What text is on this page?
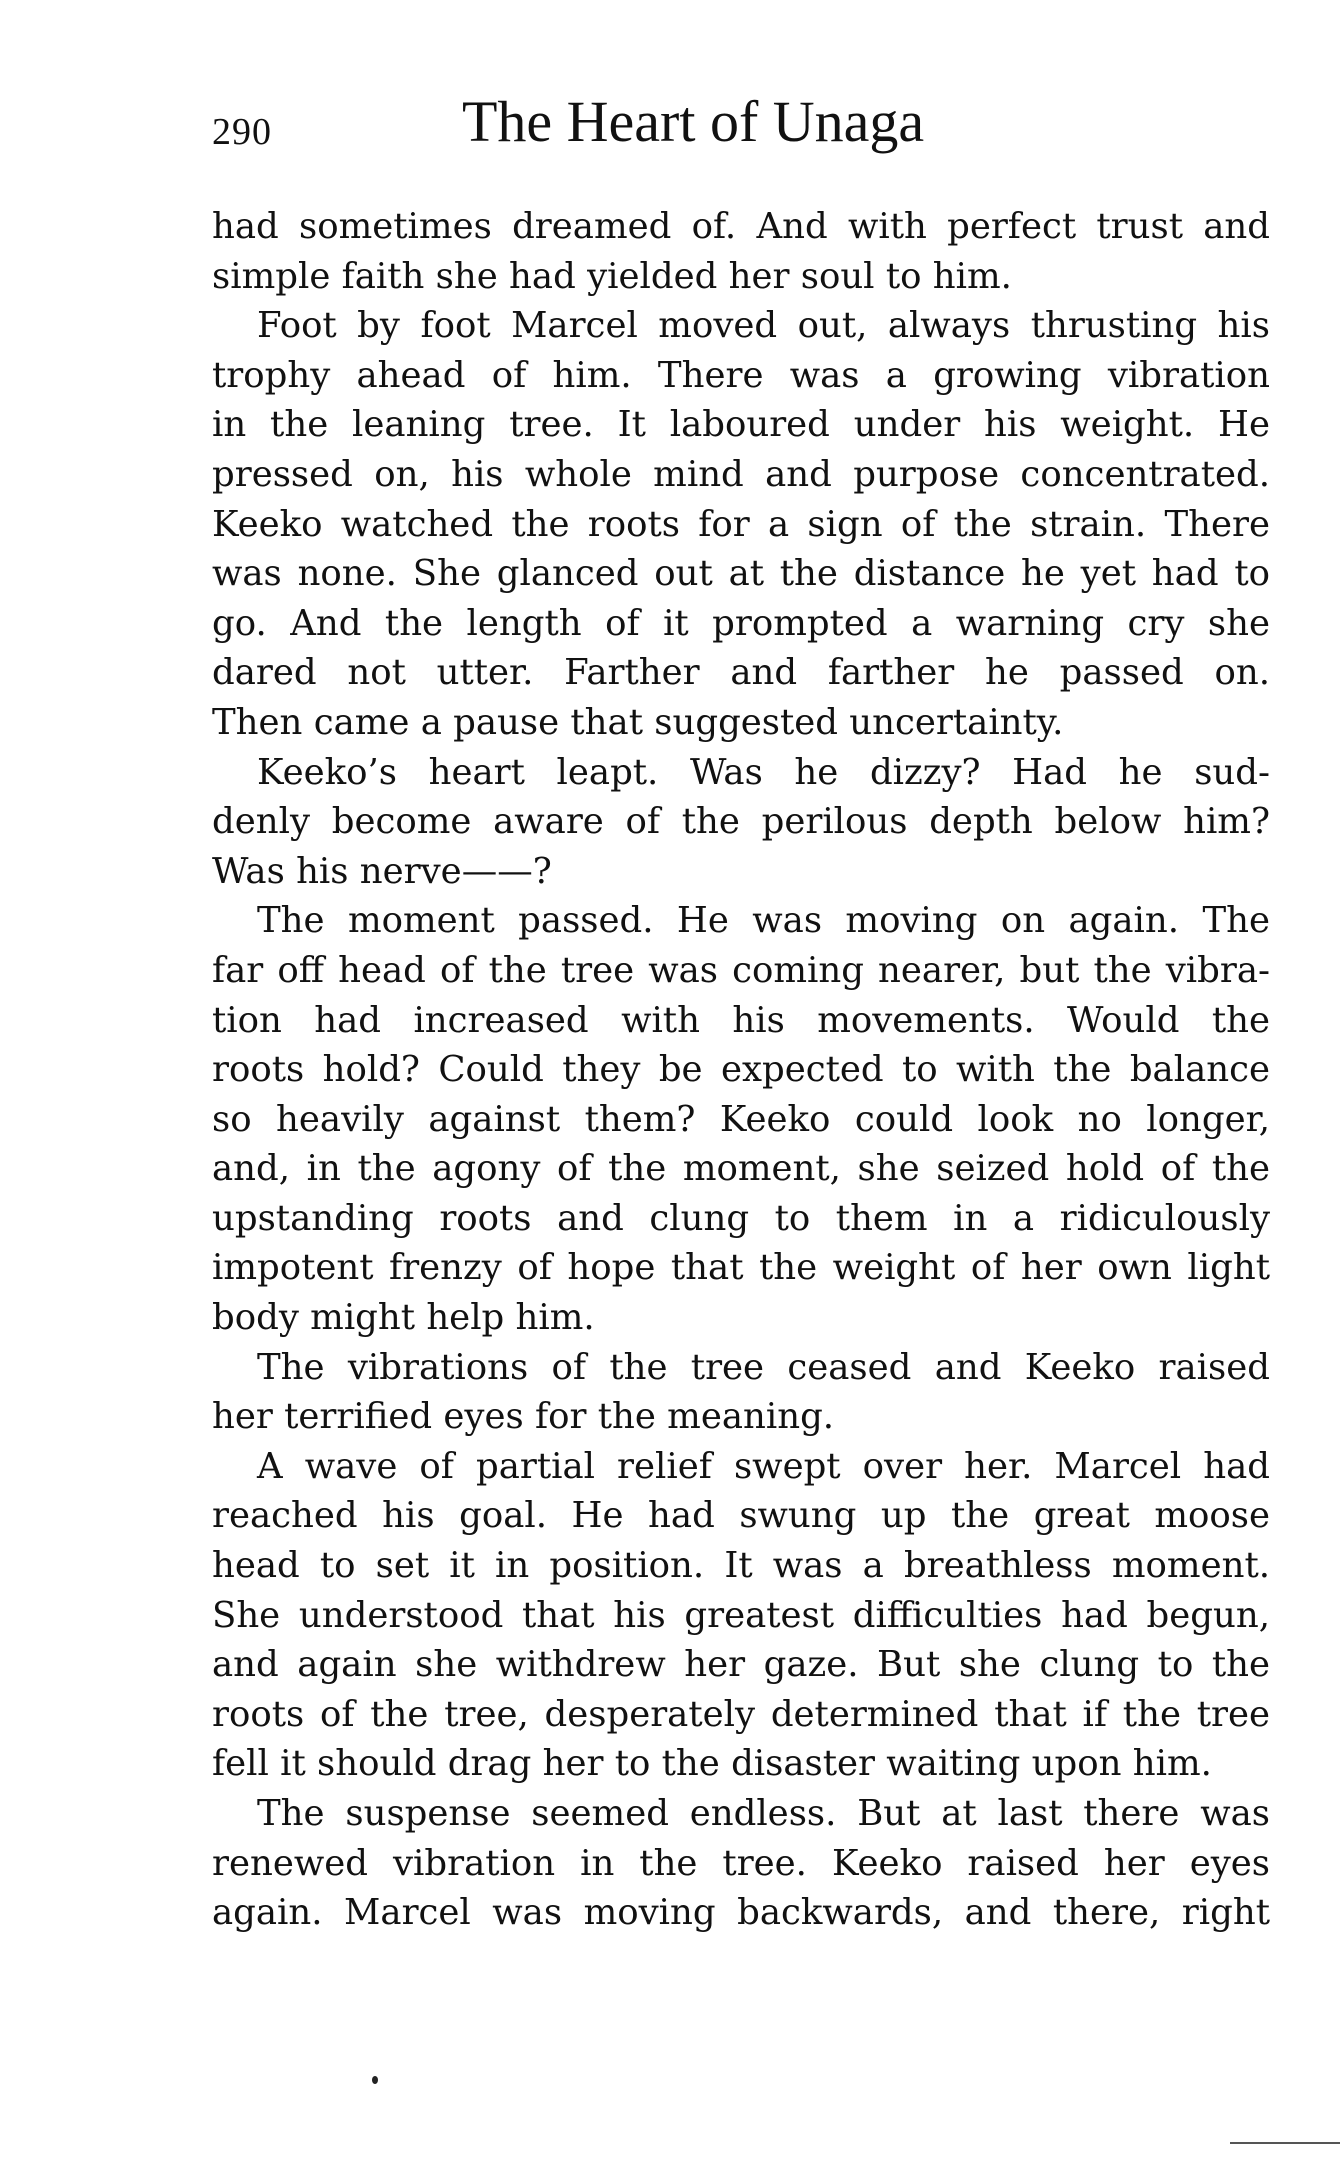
290	The Heart of Unaga
had sometimes dreamed of. And with perfect trust and
simple faith she had yielded her soul to him.
Foot by foot Marcel moved out, always thrusting his
trophy ahead of him. There was a growing vibration
in the leaning tree. It laboured under his weight. He
pressed on, his whole mind and purpose concentrated.
Keeko watched the roots for a sign of the strain. There
was none. She glanced out at the distance he yet had to
go. And the length of it prompted a warning cry she
dared not utter. Farther and farther he passed on.
Then came a pause that suggested uncertainty.
Keeko’s heart leapt. Was he dizzy? Had he sud-
denly become aware of the perilous depth below him?
Was his nerve——?
The moment passed. He was moving on again. The
far off head of the tree was coming nearer, but the vibra-
tion had increased with his movements. Would the
roots hold? Could they be expected to with the balance
so heavily against them? Keeko could look no longer,
and, in the agony of the moment, she seized hold of the
upstanding roots and clung to them in a ridiculously
impotent frenzy of hope that the weight of her own light
body might help him.
The vibrations of the tree ceased and Keeko raised
her terrified eyes for the meaning.
A wave of partial relief swept over her. Marcel had
reached his goal. He had swung up the great moose
head to set it in position. It was a breathless moment.
She understood that his greatest difficulties had begun,
and again she withdrew her gaze. But she clung to the
roots of the tree, desperately determined that if the tree
fell it should drag her to the disaster waiting upon him.
The suspense seemed endless. But at last there was
renewed vibration in the tree. Keeko raised her eyes
again. Marcel was moving backwards, and there, right
